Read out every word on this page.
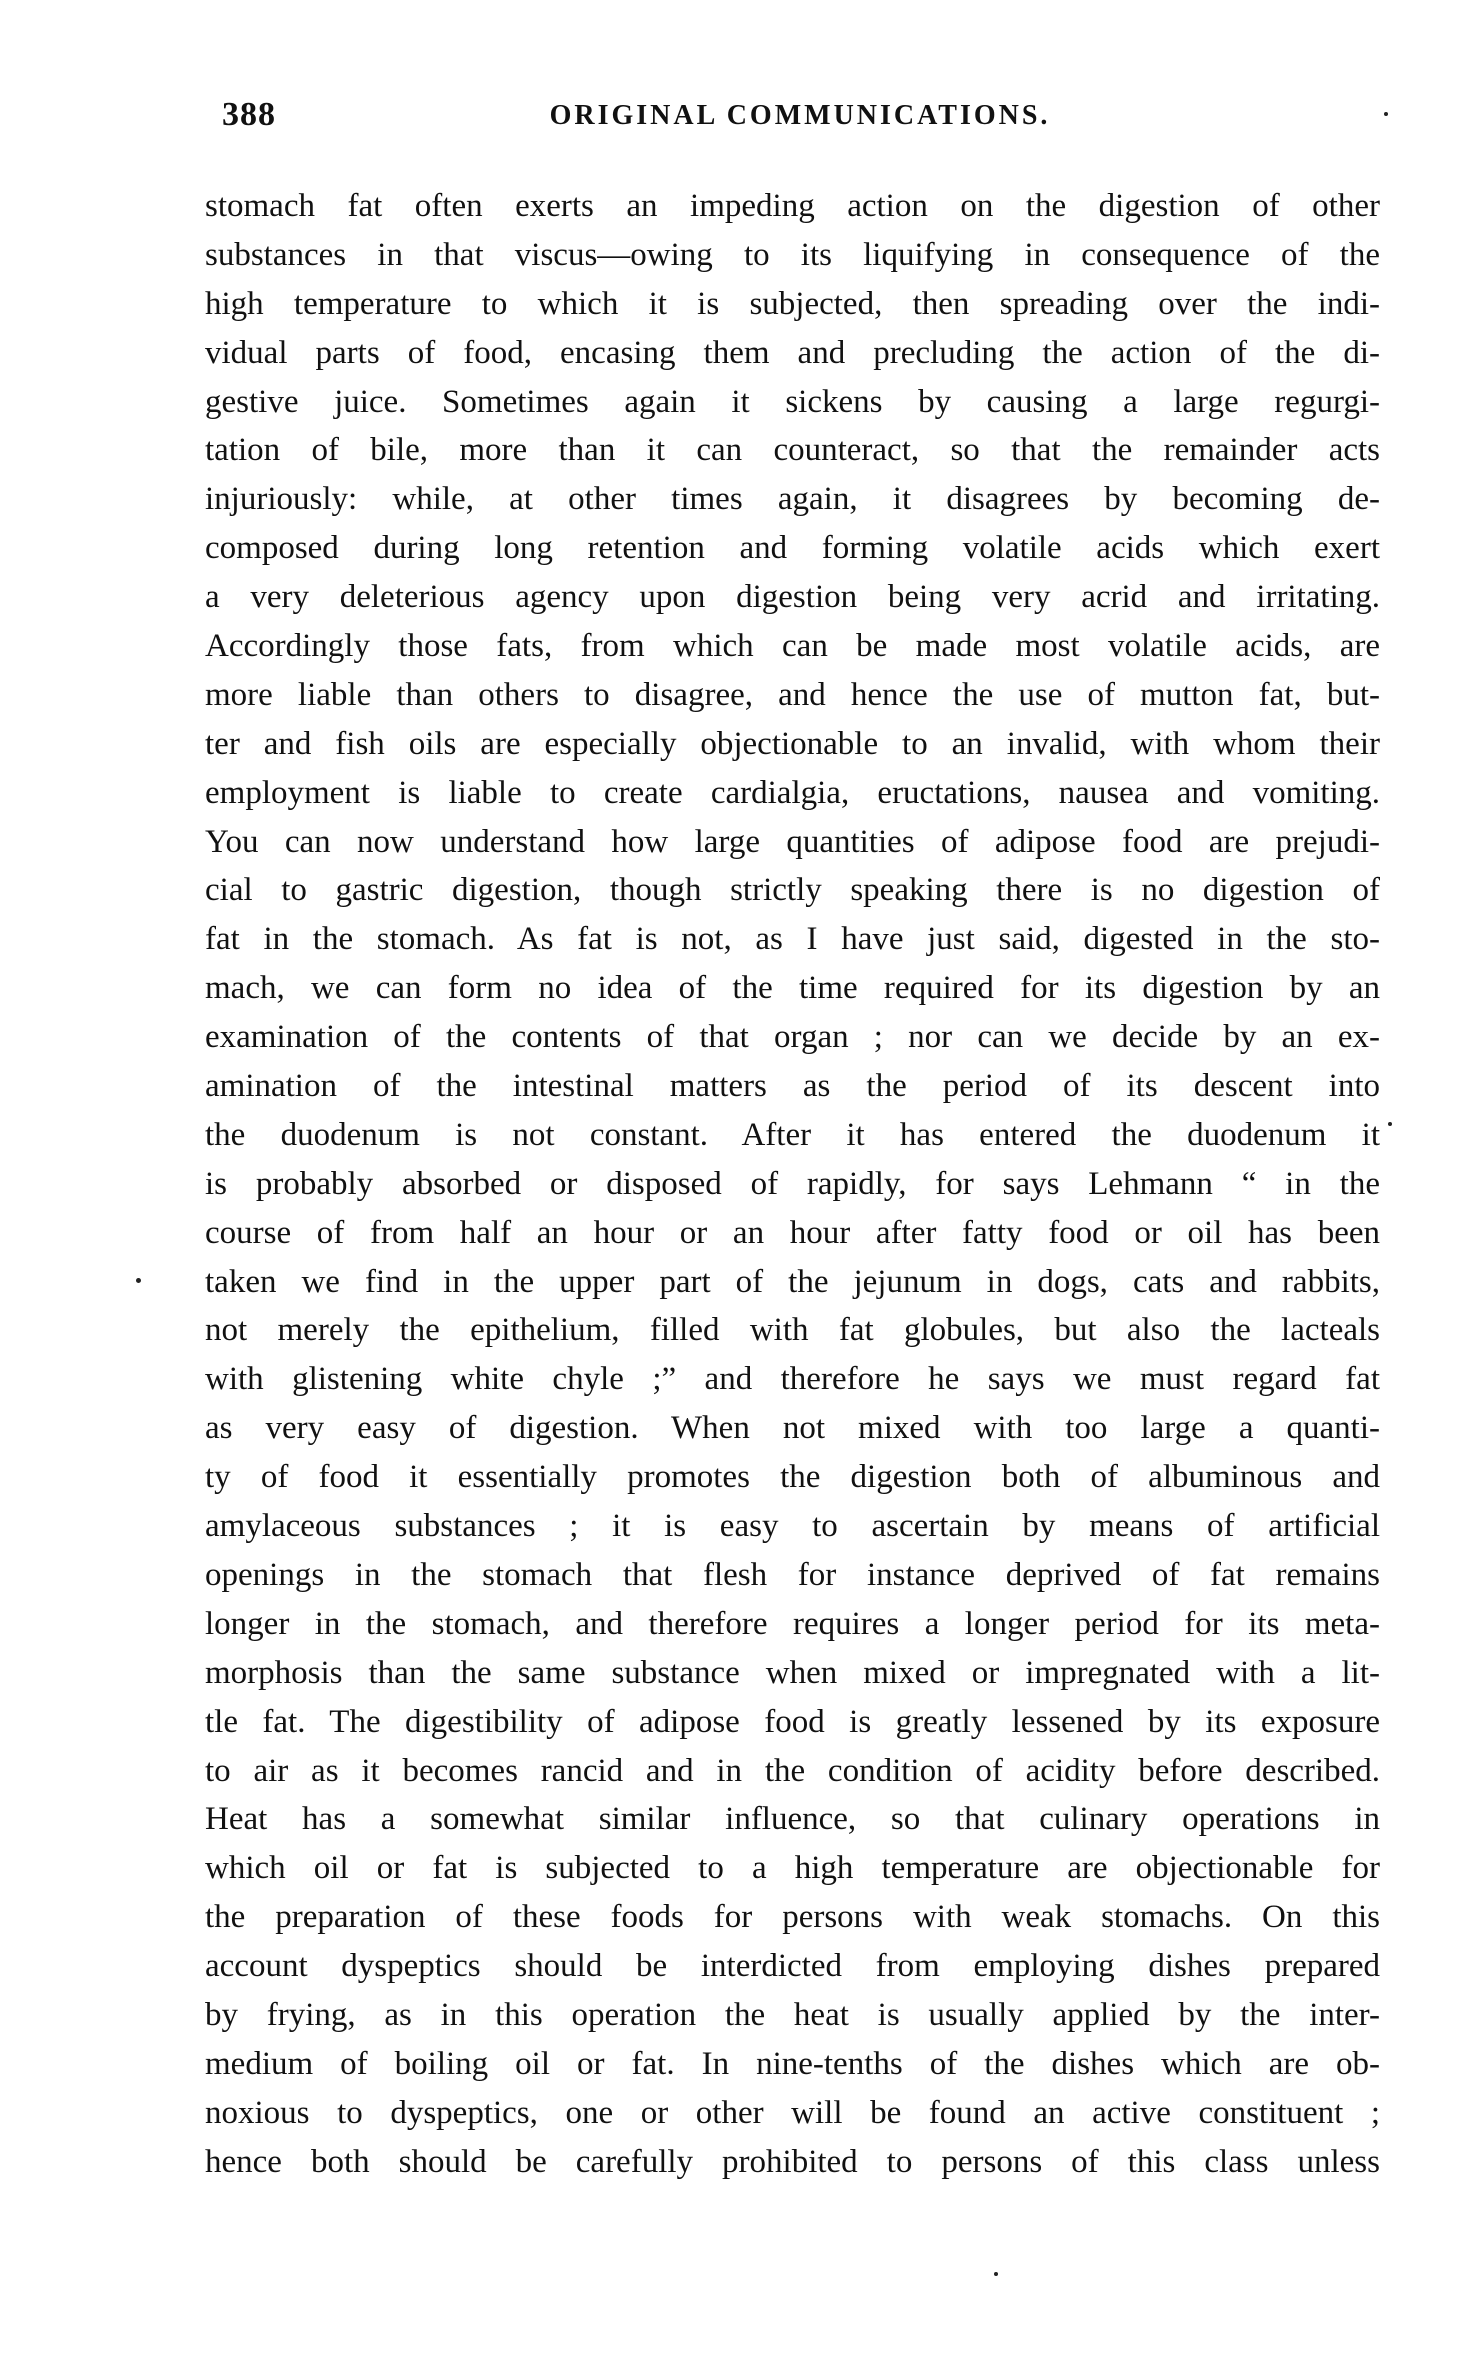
388	ORIGINAL COMMUNICATIONS.
stomach fat often exerts an impeding action on the digestion of other
substances in that viscus—owing to its liquifying in consequence of the
high temperature to which it is subjected, then spreading over the indi-
vidual parts of food, encasing them and precluding the action of the di-
gestive juice. Sometimes again it sickens by causing a large regurgi-
tation of bile, more than it can counteract, so that the remainder acts
injuriously: while, at other times again, it disagrees by becoming de-
composed during long retention and forming volatile acids which exert
a very deleterious agency upon digestion being very acrid and irritating.
Accordingly those fats, from which can be made most volatile acids, are
more liable than others to disagree, and hence the use of mutton fat, but-
ter and fish oils are especially objectionable to an invalid, with whom their
employment is liable to create cardialgia, eructations, nausea and vomiting.
You can now understand how large quantities of adipose food are prejudi-
cial to gastric digestion, though strictly speaking there is no digestion of
fat in the stomach. As fat is not, as I have just said, digested in the sto-
mach, we can form no idea of the time required for its digestion by an
examination of the contents of that organ ; nor can we decide by an ex-
amination of the intestinal matters as the period of its descent into
the duodenum is not constant. After it has entered the duodenum it
is probably absorbed or disposed of rapidly, for says Lehmann “ in the
course of from half an hour or an hour after fatty food or oil has been
taken we find in the upper part of the jejunum in dogs, cats and rabbits,
not merely the epithelium, filled with fat globules, but also the lacteals
with glistening white chyle ;” and therefore he says we must regard fat
as very easy of digestion. When not mixed with too large a quanti-
ty of food it essentially promotes the digestion both of albuminous and
amylaceous substances ; it is easy to ascertain by means of artificial
openings in the stomach that flesh for instance deprived of fat remains
longer in the stomach, and therefore requires a longer period for its meta-
morphosis than the same substance when mixed or impregnated with a lit-
tle fat. The digestibility of adipose food is greatly lessened by its exposure
to air as it becomes rancid and in the condition of acidity before described.
Heat has a somewhat similar influence, so that culinary operations in
which oil or fat is subjected to a high temperature are objectionable for
the preparation of these foods for persons with weak stomachs. On this
account dyspeptics should be interdicted from employing dishes prepared
by frying, as in this operation the heat is usually applied by the inter-
medium of boiling oil or fat. In nine-tenths of the dishes which are ob-
noxious to dyspeptics, one or other will be found an active constituent ;
hence both should be carefully prohibited to persons of this class unless
